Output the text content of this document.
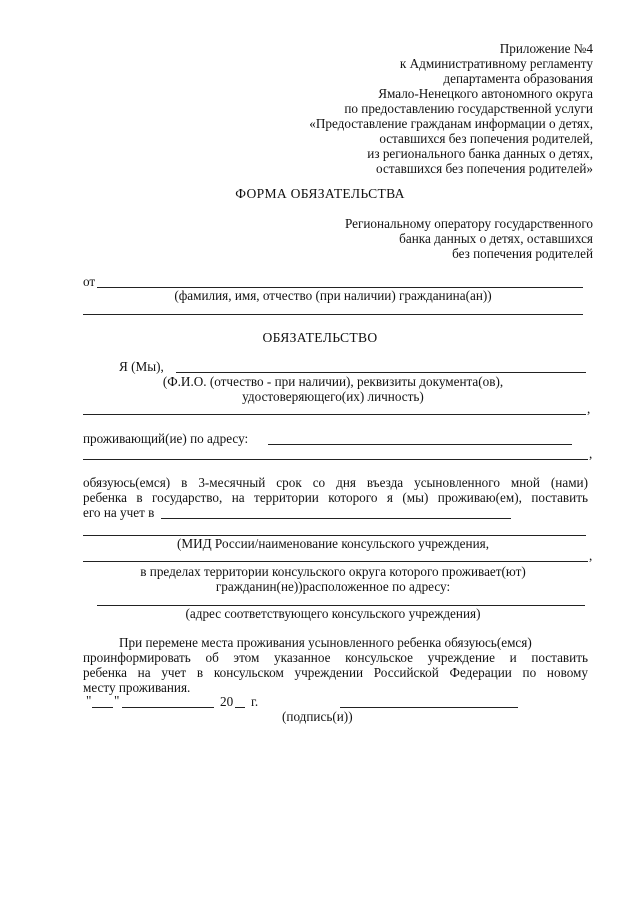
Приложение №4
к Административному регламенту
департамента образования
Ямало-Ненецкого автономного округа
по предоставлению государственной услуги
«Предоставление гражданам информации о детях,
оставшихся без попечения родителей,
из регионального банка данных о детях,
оставшихся без попечения родителей»
ФОРМА ОБЯЗАТЕЛЬСТВА
Региональному оператору государственного
банка данных о детях, оставшихся
без попечения родителей
от
(фамилия, имя, отчество (при наличии) гражданина(ан))
ОБЯЗАТЕЛЬСТВО
Я (Мы),
(Ф.И.О. (отчество - при наличии), реквизиты документа(ов),
удостоверяющего(их) личность)
,
проживающий(ие) по адресу:
,
обязуюсь(емся) в 3-месячный срок со дня въезда усыновленного мной (нами)
ребенка в государство, на территории которого я (мы) проживаю(ем), поставить
его на учет в
(МИД России/наименование консульского учреждения,
,
в пределах территории консульского округа которого проживает(ют)
гражданин(не))расположенное по адресу:
(адрес соответствующего консульского учреждения)
При перемене места проживания усыновленного ребенка обязуюсь(емся)
проинформировать об этом указанное консульское учреждение и поставить
ребенка на учет в консульском учреждении Российской Федерации по новому
месту проживания.
" "	20 г.
(подпись(и))
